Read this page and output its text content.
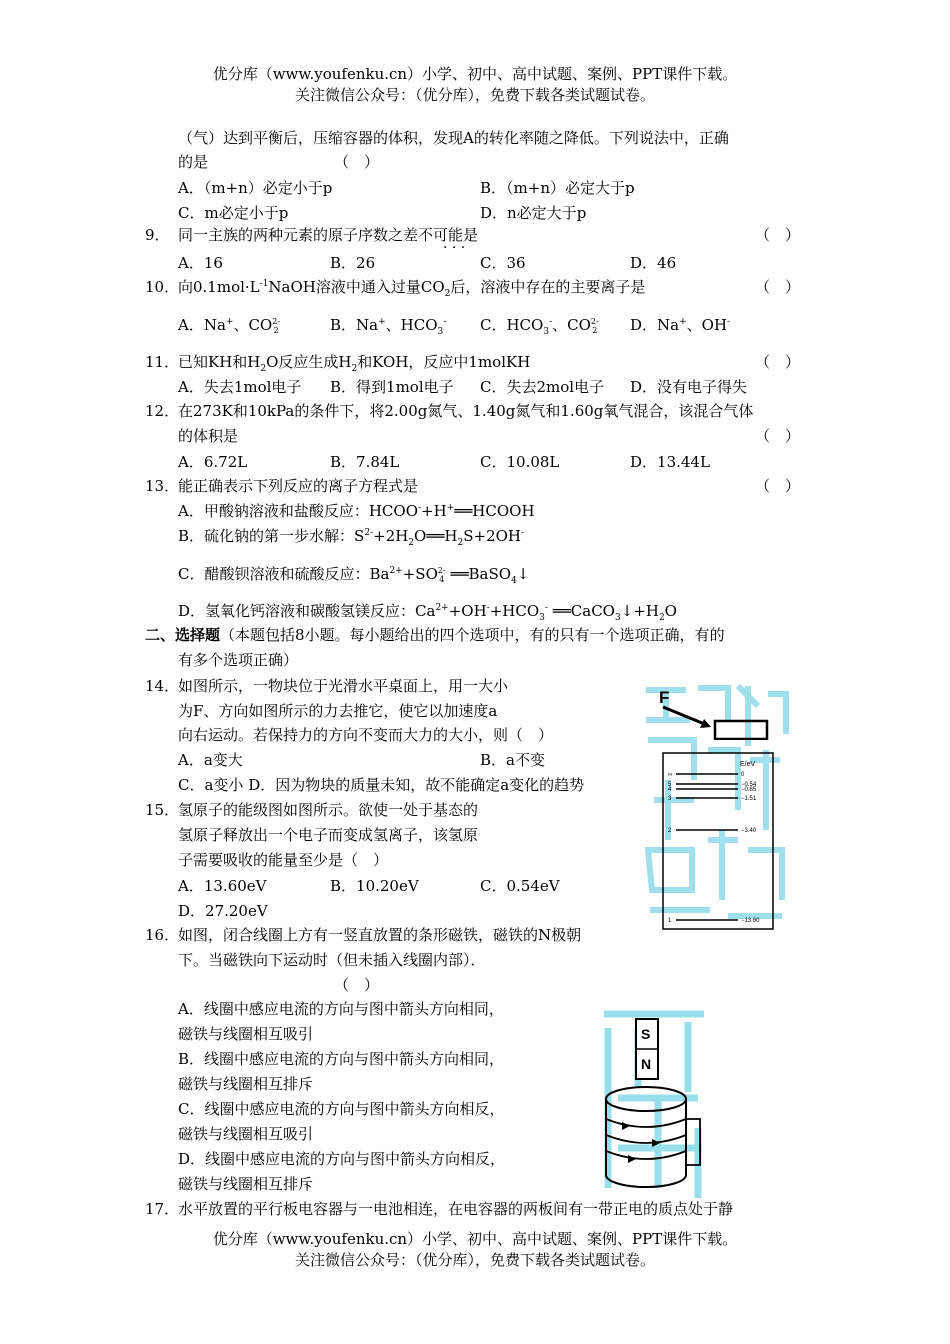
优分库（www.youfenku.cn）小学、初中、高中试题、案例、PPT课件下载。
关注微信公众号：（优分库），免费下载各类试题试卷。
（气）达到平衡后，压缩容器的体积，发现A的转化率随之降低。下列说法中，正确
的是	（　）
A．（m+n）必定小于p	B．（m+n）必定大于p
C．m必定小于p	D．n必定大于p
9． 同一主族的两种元素的原子序数之差不可能是
· · ·
（　）
A．16	B．26	C．36	D．46
10．
向$0.1mol\cdot L^{-1}NaOH$溶液中通入过量$CO_2$后，溶液中存在的主要离子是	（　）
A．Na+、CO2-
2	B．Na+、$HCO_3^-$ C．$HCO_3^-$、CO2-
2 D．Na+、OH-
11．
已知KH和$H_2O$反应生成$H_2$和KOH，反应中1molKH	（　）
A．失去1mol电子 B．得到1mol电子 C．失去2mol电子 D．没有电子得失
12．
在273K和10kPa的条件下，将2.00g氮气、1.40g氮气和1.60g氧气混合，该混合气体
的体积是	（　）
A．6.72L	B．7.84L	C．10.08L	D．13.44L
13．
能正确表示下列反应的离子方程式是	（　）
A．甲酸钠溶液和盐酸反应：HCOO-+H+══HCOOH
B．硫化钠的第一步水解：$S^{2-}+2H_2O══H_2S+2OH^-$
C．醋酸钡溶液和硫酸反应：$Ba^{2+}+SO2-$
4 ══BaSO$_4$↓
D．氢氧化钙溶液和碳酸氢镁反应：$Ca^{2+}+OH^-+HCO_3^-$ $══CaCO_3↓+H_2O$
二、选择题（本题包括8小题。每小题给出的四个选项中，有的只有一个选项正确，有的
有多个选项正确）
14．
如图所示，一物块位于光滑水平桌面上，用一大小
为F、方向如图所示的力去推它，使它以加速度a
向右运动。若保持力的方向不变而大力的大小，则（　）
A．a变大	B．a不变
C．a变小 D．因为物块的质量未知，故不能确定a变化的趋势
15．
氢原子的能级图如图所示。欲使一处于基态的
氢原子释放出一个电子而变成氢离子，该氢原
子需要吸收的能量至少是（　）
A．13.60eV	B．10.20eV	C．0.54eV
D．27.20eV
16．
如图，闭合线圈上方有一竖直放置的条形磁铁，磁铁的N极朝
下。当磁铁向下运动时（但未插入线圈内部）．
（　）
A．线圈中感应电流的方向与图中箭头方向相同，
磁铁与线圈相互吸引
B．线圈中感应电流的方向与图中箭头方向相同，
磁铁与线圈相互排斥
C．线圈中感应电流的方向与图中箭头方向相反，
磁铁与线圈相互吸引
D．线圈中感应电流的方向与图中箭头方向相反，
磁铁与线圈相互排斥
17．
水平放置的平行板电容器与一电池相连，在电容器的两板间有一带正电的质点处于静
优分库（www.youfenku.cn）小学、初中、高中试题、案例、PPT课件下载。
关注微信公众号：（优分库），免费下载各类试题试卷。
F
E/eV
∞	0
5	−0.54
4	−0.85
3	−1.51
2	−3.40
1	−13.60
S
N
